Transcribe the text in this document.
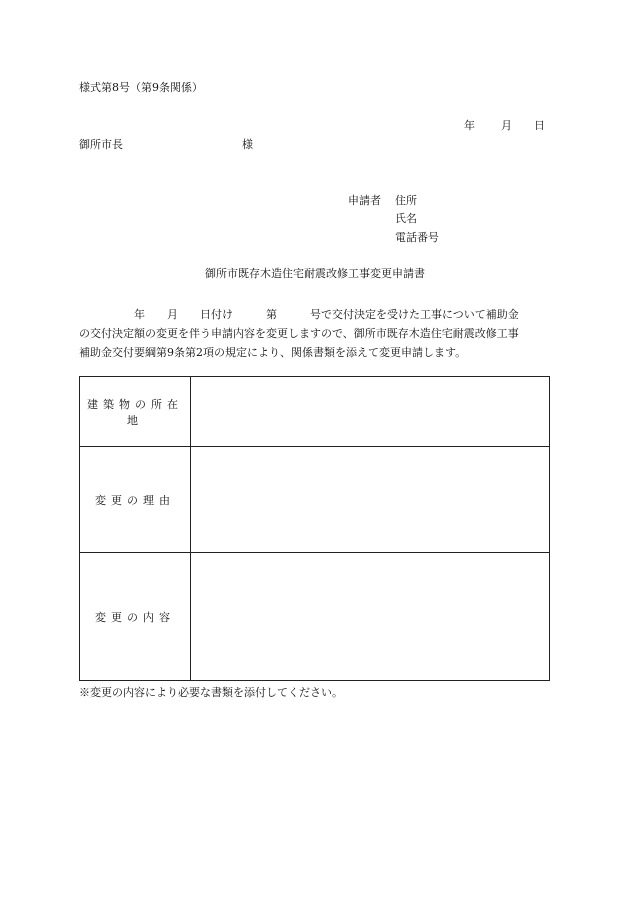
様式第8号（第9条関係）
年 月 日
御所市長	様
申請者 住所
氏名
電話番号
御所市既存木造住宅耐震改修工事変更申請書
　　　　　年　　月　　日付け　　　第　　　号で交付決定を受けた工事について補助金
の交付決定額の変更を伴う申請内容を変更しますので、御所市既存木造住宅耐震改修工事
補助金交付要綱第9条第2項の規定により、関係書類を添えて変更申請します。
建築物の所在地	
変更の理由	
変更の内容	
※変更の内容により必要な書類を添付してください。
